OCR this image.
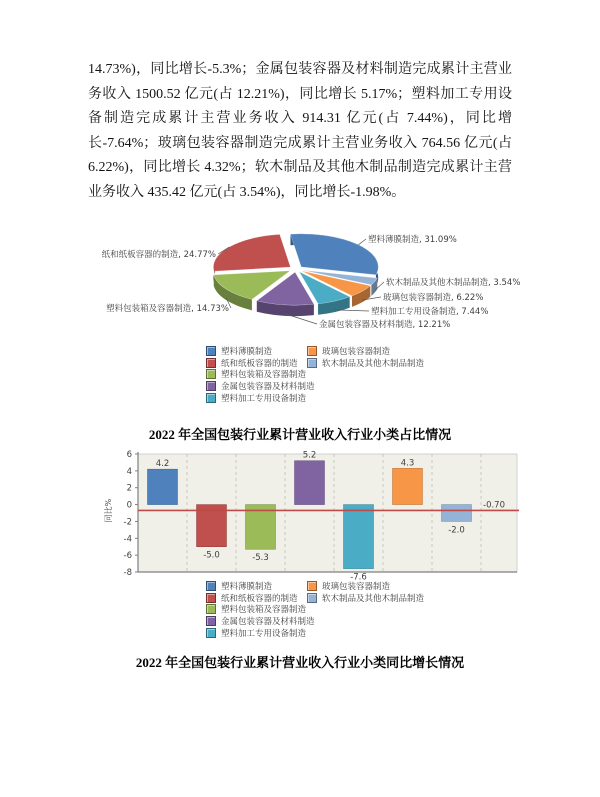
14.73%)，同比增长-5.3%；金属包装容器及材料制造完成累计主营业务收入 1500.52 亿元(占 12.21%)，同比增长 5.17%；塑料加工专用设备制造完成累计主营业务收入 914.31 亿元(占 7.44%)，同比增长-7.64%；玻璃包装容器制造完成累计主营业务收入 764.56 亿元(占 6.22%)，同比增长 4.32%；软木制品及其他木制品制造完成累计主营业务收入 435.42 亿元(占 3.54%)，同比增长-1.98%。

塑料薄膜制造, 31.09%
软木制品及其他木制品制造, 3.54%
玻璃包装容器制造, 6.22%
塑料加工专用设备制造, 7.44%
金属包装容器及材料制造, 12.21%
塑料包装箱及容器制造, 14.73%
纸和纸板容器的制造, 24.77%
塑料薄膜制造
纸和纸板容器的制造
塑料包装箱及容器制造
金属包装容器及材料制造
塑料加工专用设备制造
玻璃包装容器制造
软木制品及其他木制品制造
2022 年全国包装行业累计营业收入行业小类占比情况
6
4
2
0
-2
-4
-6
-8
同比%
4.2
-5.0	-5.3
5.2
-7.6
4.3
-2.0
-0.70
塑料薄膜制造
纸和纸板容器的制造
塑料包装箱及容器制造
金属包装容器及材料制造
塑料加工专用设备制造
玻璃包装容器制造
软木制品及其他木制品制造
2022 年全国包装行业累计营业收入行业小类同比增长情况
